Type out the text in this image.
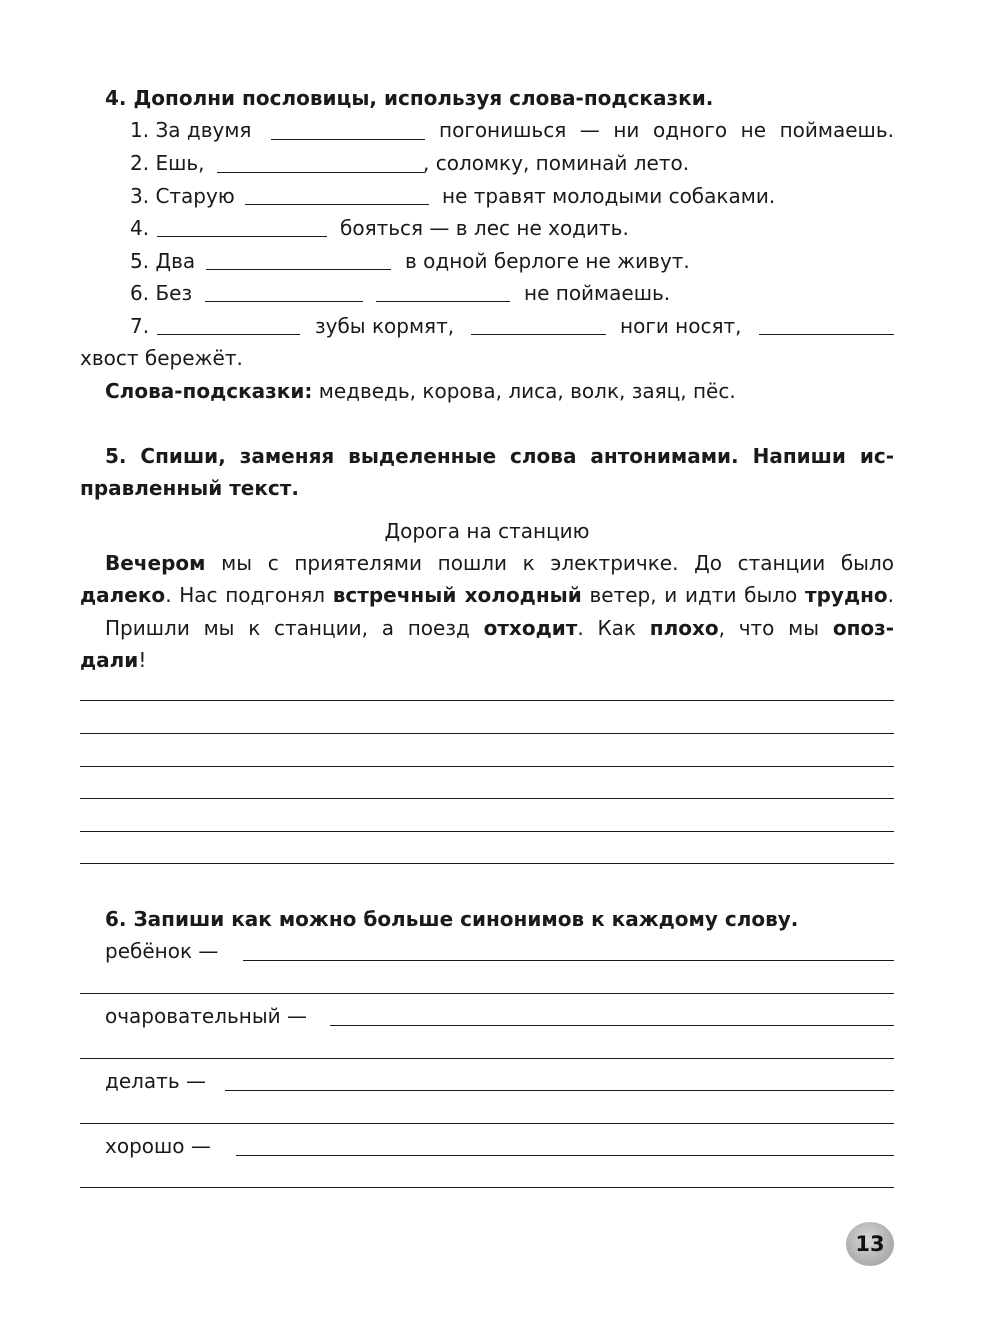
4. Дополни пословицы, используя слова-подсказки.
1. За двумя	погонишься — ни одного не поймаешь.
2. Ешь,	, соломку, поминай лето.
3. Старую	не травят молодыми собаками.
4.	бояться — в лес не ходить.
5. Два	в одной берлоге не живут.
6. Без	не поймаешь.
7.	зубы кормят,	ноги носят,
хвост бережёт.
Слова-подсказки: медведь, корова, лиса, волк, заяц, пёс.
5. Спиши, заменяя выделенные слова антонимами. Напиши ис-
правленный текст.
Дорога на станцию
Вечером мы с приятелями пошли к электричке. До станции было
далеко. Нас подгонял встречный холодный ветер, и идти было трудно.
Пришли мы к станции, а поезд отходит. Как плохо, что мы опоз-
дали!
6. Запиши как можно больше синонимов к каждому слову.
ребёнок —
очаровательный —
делать —
хорошо —
13
